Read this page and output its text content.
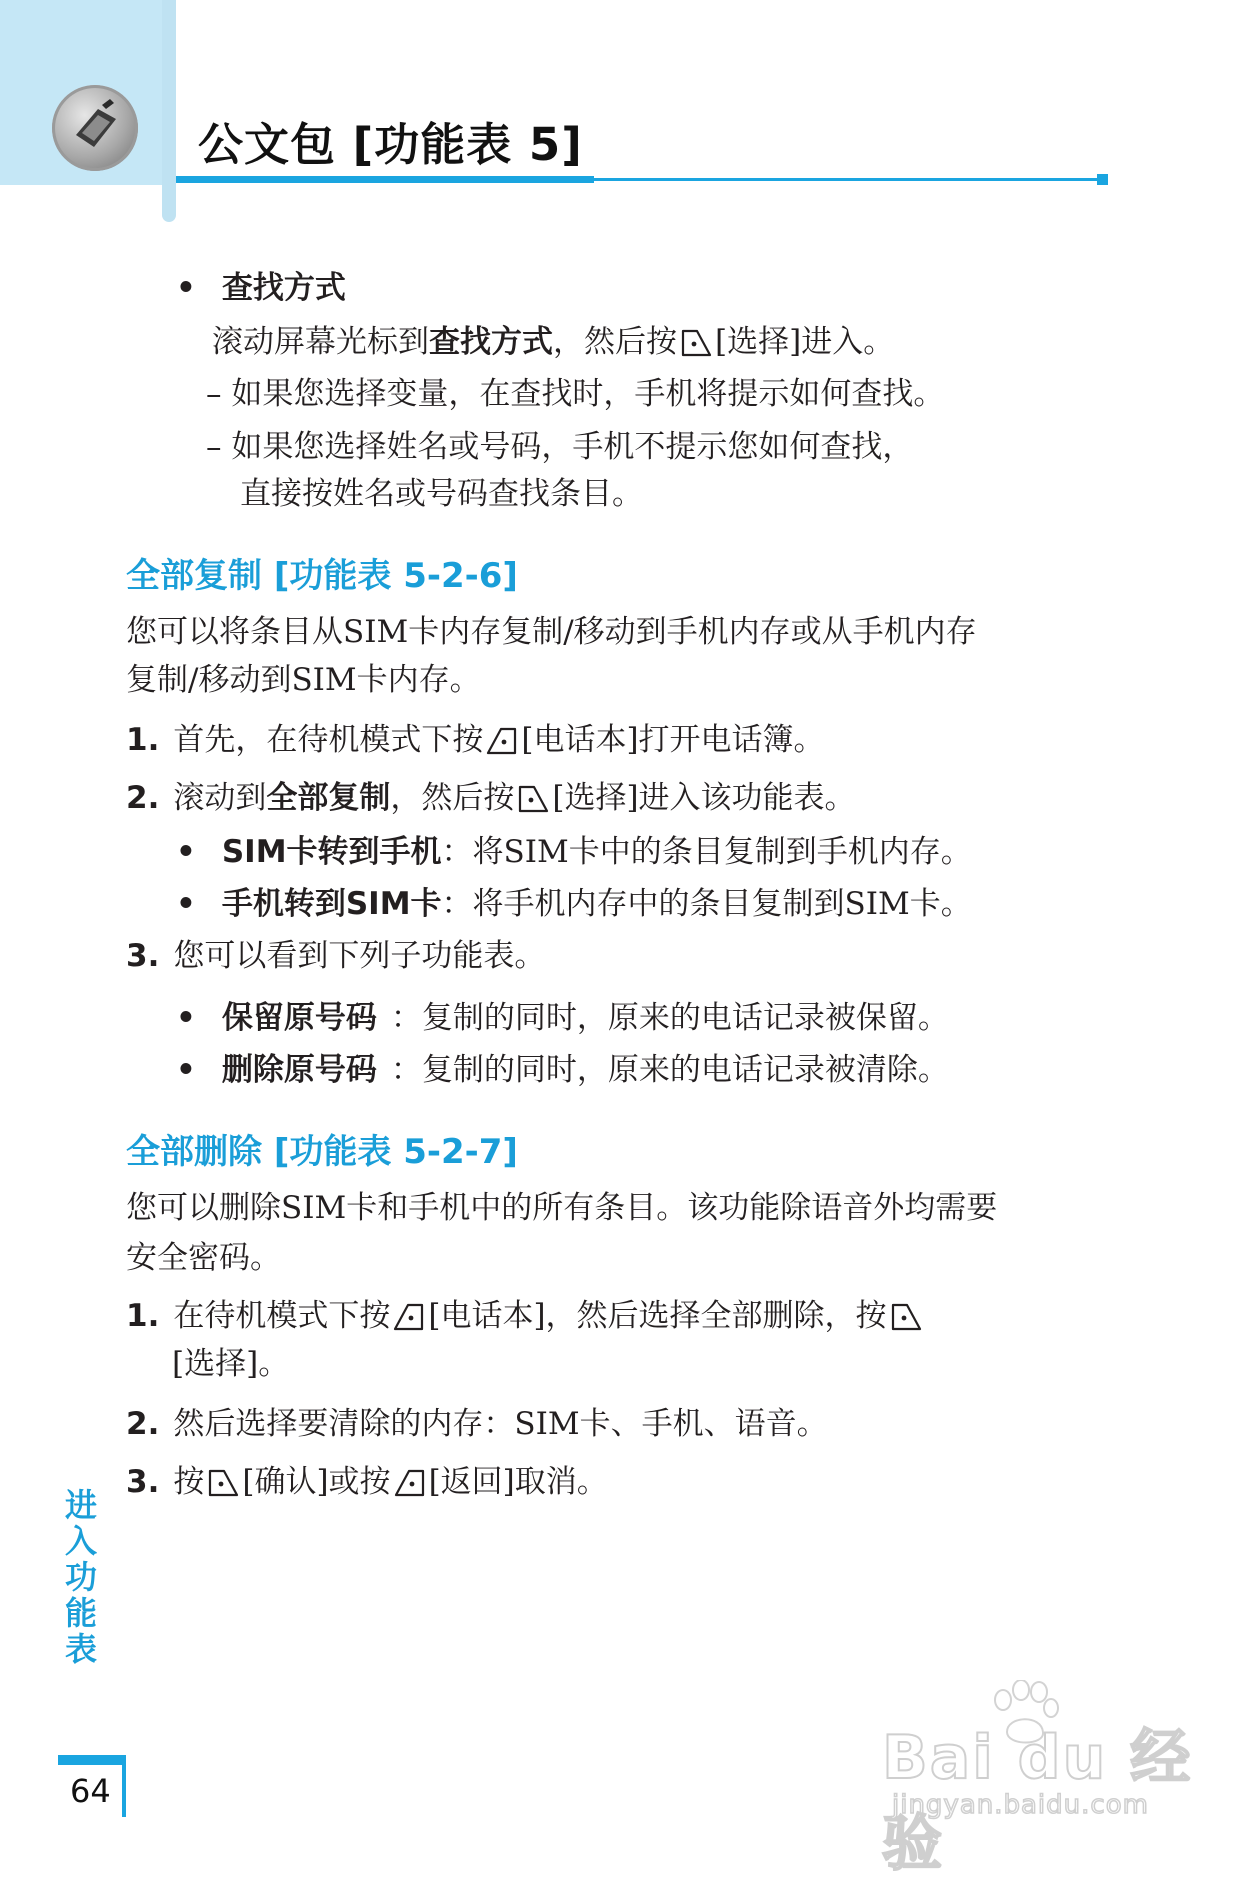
公文包 [功能表 5]
• 查找方式
滚动屏幕光标到查找方式，然后按 [选择]进入。
– 如果您选择变量，在查找时，手机将提示如何查找。
– 如果您选择姓名或号码，手机不提示您如何查找，
直接按姓名或号码查找条目。
全部复制 [功能表 5-2-6]
您可以将条目从SIM卡内存复制/移动到手机内存或从手机内存
复制/移动到SIM卡内存。
1. 首先，在待机模式下按 [电话本]打开电话簿。
2. 滚动到全部复制，然后按 [选择]进入该功能表。
• SIM卡转到手机：将SIM卡中的条目复制到手机内存。
• 手机转到SIM卡：将手机内存中的条目复制到SIM卡。
3. 您可以看到下列子功能表。
• 保留原号码 ：复制的同时，原来的电话记录被保留。
• 删除原号码 ：复制的同时，原来的电话记录被清除。
全部删除 [功能表 5-2-7]
您可以删除SIM卡和手机中的所有条目。该功能除语音外均需要
安全密码。
1. 在待机模式下按 [电话本]，然后选择全部删除，按
[选择]。
2. 然后选择要清除的内存：SIM卡、手机、语音。
3. 按 [确认]或按 [返回]取消。
进入功能表
64	Bai du 经验
jingyan.baidu.com
